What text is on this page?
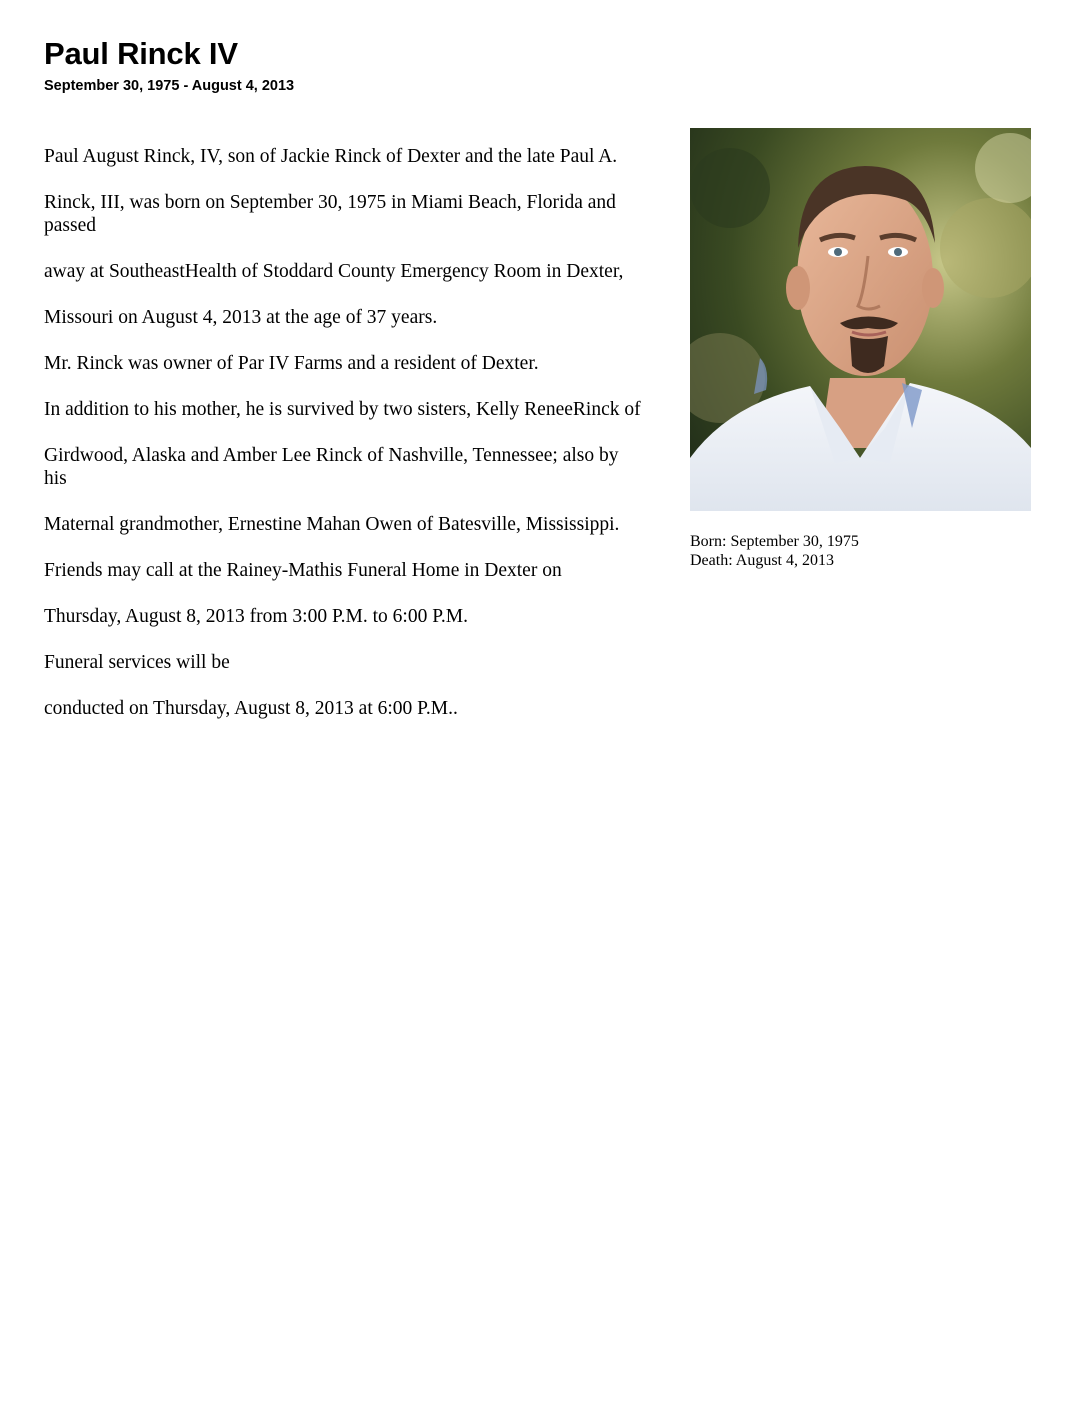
Paul Rinck IV
September 30, 1975 - August 4, 2013

Paul August Rinck, IV, son of Jackie Rinck of Dexter and the late Paul A.

Rinck, III, was born on September 30, 1975 in Miami Beach, Florida and passed

away at SoutheastHealth of Stoddard County Emergency Room in Dexter,

Missouri on August 4, 2013 at the age of 37 years.

Mr. Rinck was owner of Par IV Farms and a resident of Dexter.

In addition to his mother, he is survived by two sisters, Kelly ReneeRinck of

Girdwood, Alaska and Amber Lee Rinck of Nashville, Tennessee; also by his

Maternal grandmother, Ernestine Mahan Owen of Batesville, Mississippi.

Friends may call at the Rainey-Mathis Funeral Home in Dexter on

Thursday, August 8, 2013 from 3:00 P.M. to 6:00 P.M.

Funeral services will be

conducted on Thursday, August 8, 2013 at 6:00 P.M..

Born: September 30, 1975
Death: August 4, 2013
